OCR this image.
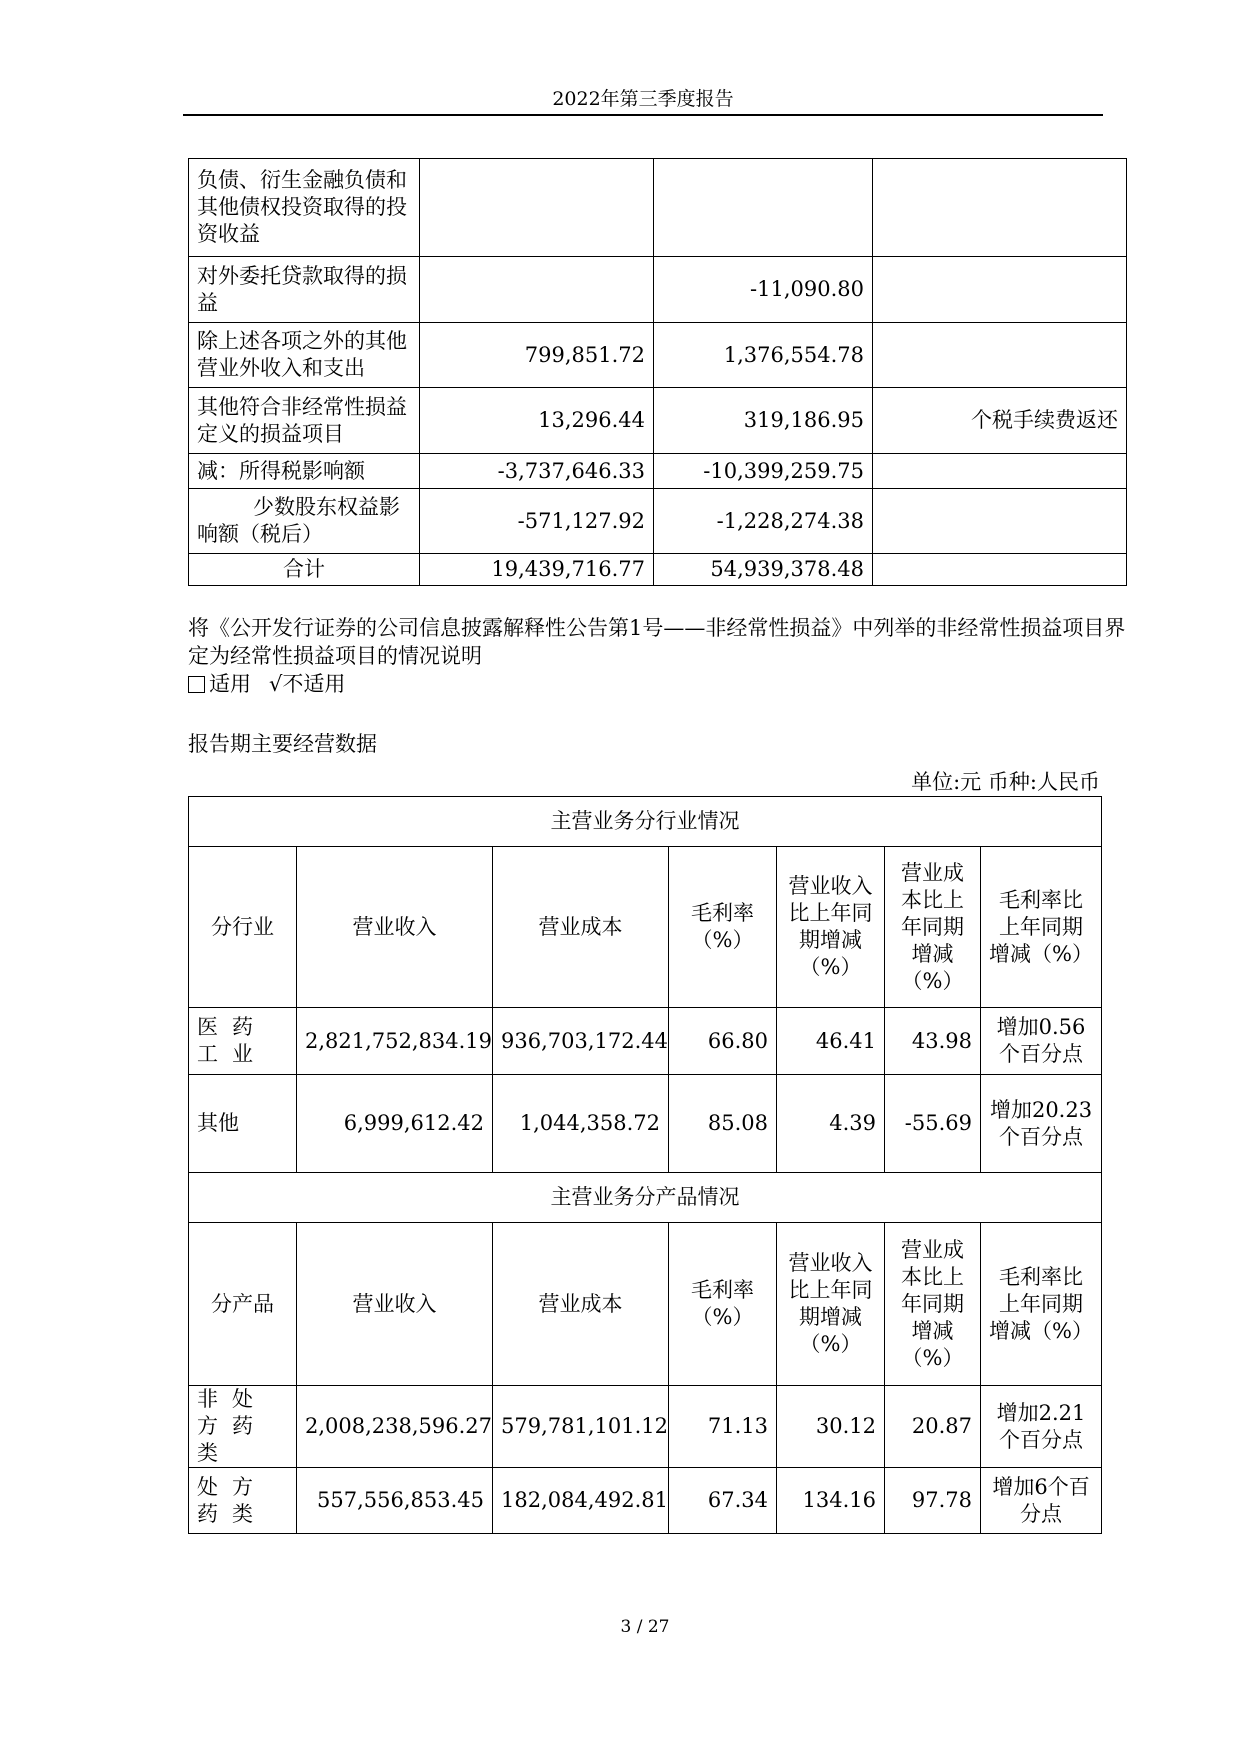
2022年第三季度报告
负债、衍生金融负债和其他债权投资取得的投资收益			
对外委托贷款取得的损益		-11,090.80	
除上述各项之外的其他营业外收入和支出	799,851.72	1,376,554.78	
其他符合非经常性损益定义的损益项目	13,296.44	319,186.95	个税手续费返还
减：所得税影响额	-3,737,646.33	-10,399,259.75	
少数股东权益影响额（税后）	-571,127.92	-1,228,274.38	
合计	19,439,716.77	54,939,378.48	
将《公开发行证券的公司信息披露解释性公告第1号——非经常性损益》中列举的非经常性损益项目界定为经常性损益项目的情况说明
适用 √不适用
报告期主要经营数据
单位:元 币种:人民币
主营业务分行业情况						
分行业	营业收入	营业成本	毛利率（%）	营业收入比上年同期增减（%）	营业成本比上年同期增减（%）	毛利率比上年同期增减（%）
医药工业	2,821,752,834.19	936,703,172.44	66.80	46.41	43.98	增加0.56个百分点
其他	6,999,612.42	1,044,358.72	85.08	4.39	-55.69	增加20.23个百分点
主营业务分产品情况						
分产品	营业收入	营业成本	毛利率（%）	营业收入比上年同期增减（%）	营业成本比上年同期增减（%）	毛利率比上年同期增减（%）
非处方药类	2,008,238,596.27	579,781,101.12	71.13	30.12	20.87	增加2.21个百分点
处方药类	557,556,853.45	182,084,492.81	67.34	134.16	97.78	增加6个百分点
3 / 27
